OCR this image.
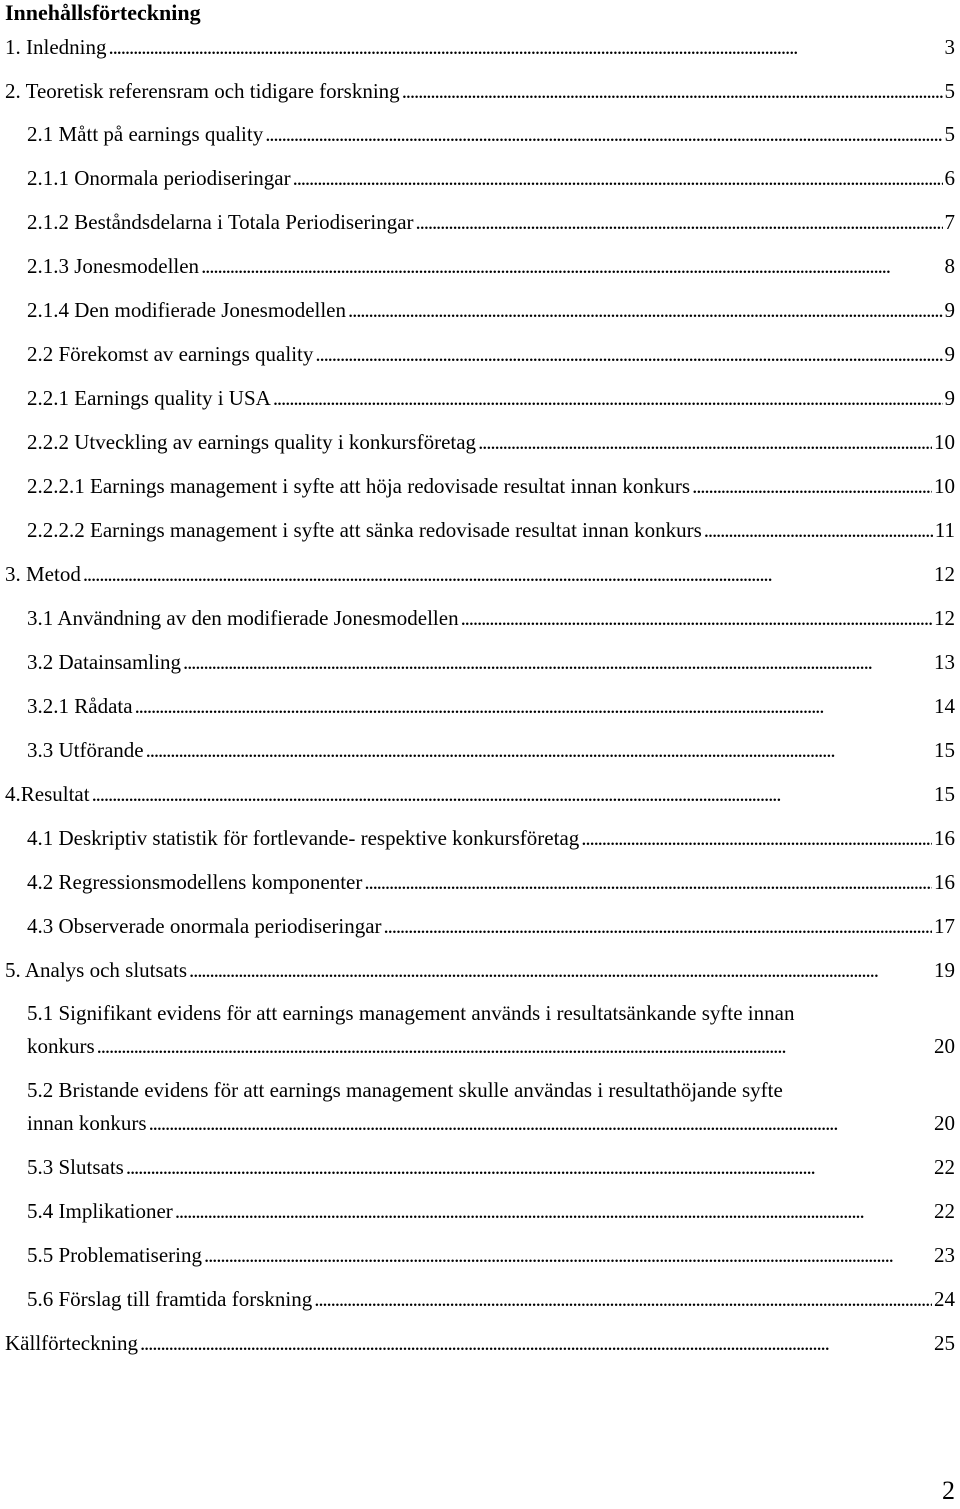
Innehållsförteckning
1. Inledning . . .	3
2. Teoretisk referensram och tidigare forskning . . .	5
2.1 Mått på earnings quality . . .	5
2.1.1 Onormala periodiseringar . . .	6
2.1.2 Beståndsdelarna i Totala Periodiseringar . . .	7
2.1.3 Jonesmodellen . . .	8
2.1.4 Den modifierade Jonesmodellen . . .	9
2.2 Förekomst av earnings quality . . .	9
2.2.1 Earnings quality i USA . . .	9
2.2.2 Utveckling av earnings quality i konkursföretag . . .	10
2.2.2.1 Earnings management i syfte att höja redovisade resultat innan konkurs . . .	10
2.2.2.2 Earnings management i syfte att sänka redovisade resultat innan konkurs . . .	11
3. Metod . . .	12
3.1 Användning av den modifierade Jonesmodellen . . .	12
3.2 Datainsamling . . .	13
3.2.1 Rådata . . .	14
3.3 Utförande . . .	15
4.Resultat . . .	15
4.1 Deskriptiv statistik för fortlevande- respektive konkursföretag . . .	16
4.2 Regressionsmodellens komponenter . . .	16
4.3 Observerade onormala periodiseringar . . .	17
5. Analys och slutsats . . .	19
5.1 Signifikant evidens för att earnings management används i resultatsänkande syfte innan
konkurs . . .	20
5.2 Bristande evidens för att earnings management skulle användas i resultathöjande syfte
innan konkurs . . .	20
5.3 Slutsats . . .	22
5.4 Implikationer . . .	22
5.5 Problematisering . . .	23
5.6 Förslag till framtida forskning . . .	24
Källförteckning . . .	25
2
